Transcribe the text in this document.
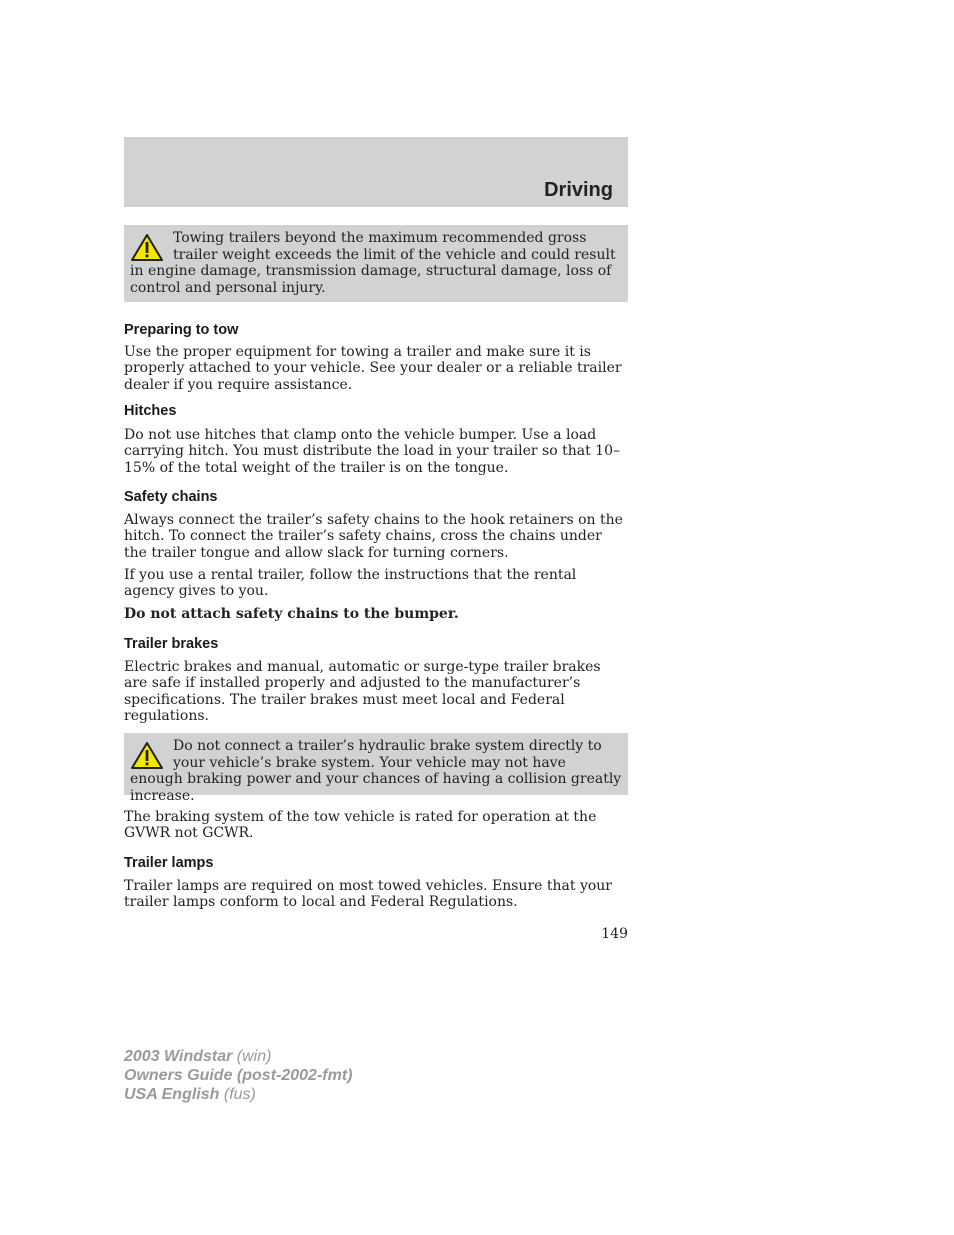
Driving
Towing trailers beyond the maximum recommended gross trailer weight exceeds the limit of the vehicle and could result in engine damage, transmission damage, structural damage, loss of control and personal injury.
Preparing to tow

Use the proper equipment for towing a trailer and make sure it is properly attached to your vehicle. See your dealer or a reliable trailer dealer if you require assistance.

Hitches

Do not use hitches that clamp onto the vehicle bumper. Use a load carrying hitch. You must distribute the load in your trailer so that 10–15% of the total weight of the trailer is on the tongue.

Safety chains

Always connect the trailer’s safety chains to the hook retainers on the hitch. To connect the trailer’s safety chains, cross the chains under the trailer tongue and allow slack for turning corners.

If you use a rental trailer, follow the instructions that the rental agency gives to you.

Do not attach safety chains to the bumper.

Trailer brakes

Electric brakes and manual, automatic or surge-type trailer brakes are safe if installed properly and adjusted to the manufacturer’s specifications. The trailer brakes must meet local and Federal regulations.

Do not connect a trailer’s hydraulic brake system directly to your vehicle’s brake system. Your vehicle may not have enough braking power and your chances of having a collision greatly increase.

The braking system of the tow vehicle is rated for operation at the GVWR not GCWR.

Trailer lamps

Trailer lamps are required on most towed vehicles. Ensure that your trailer lamps conform to local and Federal Regulations.

149
2003 Windstar (win)
Owners Guide (post-2002-fmt)
USA English (fus)
